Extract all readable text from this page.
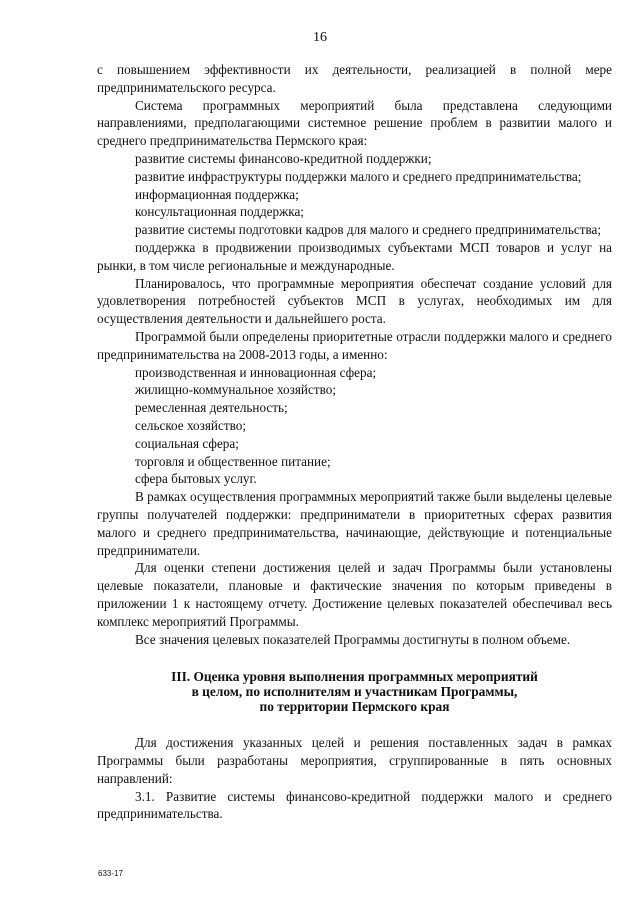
16

с повышением эффективности их деятельности, реализацией в полной мере предпринимательского ресурса.

Система программных мероприятий была представлена следующими направлениями, предполагающими системное решение проблем в развитии малого и среднего предпринимательства Пермского края:

развитие системы финансово-кредитной поддержки;

развитие инфраструктуры поддержки малого и среднего предпринимательства;

информационная поддержка;

консультационная поддержка;

развитие системы подготовки кадров для малого и среднего предпринимательства;

поддержка в продвижении производимых субъектами МСП товаров и услуг на рынки, в том числе региональные и международные.

Планировалось, что программные мероприятия обеспечат создание условий для удовлетворения потребностей субъектов МСП в услугах, необходимых им для осуществления деятельности и дальнейшего роста.

Программой были определены приоритетные отрасли поддержки малого и среднего предпринимательства на 2008-2013 годы, а именно:

производственная и инновационная сфера;

жилищно-коммунальное хозяйство;

ремесленная деятельность;

сельское хозяйство;

социальная сфера;

торговля и общественное питание;

сфера бытовых услуг.

В рамках осуществления программных мероприятий также были выделены целевые группы получателей поддержки: предприниматели в приоритетных сферах развития малого и среднего предпринимательства, начинающие, действующие и потенциальные предприниматели.

Для оценки степени достижения целей и задач Программы были установлены целевые показатели, плановые и фактические значения по которым приведены в приложении 1 к настоящему отчету. Достижение целевых показателей обеспечивал весь комплекс мероприятий Программы.

Все значения целевых показателей Программы достигнуты в полном объеме.

III. Оценка уровня выполнения программных мероприятий
в целом, по исполнителям и участникам Программы,
по территории Пермского края

Для достижения указанных целей и решения поставленных задач в рамках Программы были разработаны мероприятия, сгруппированные в пять основных направлений:

3.1. Развитие системы финансово-кредитной поддержки малого и среднего предпринимательства.

633-17
